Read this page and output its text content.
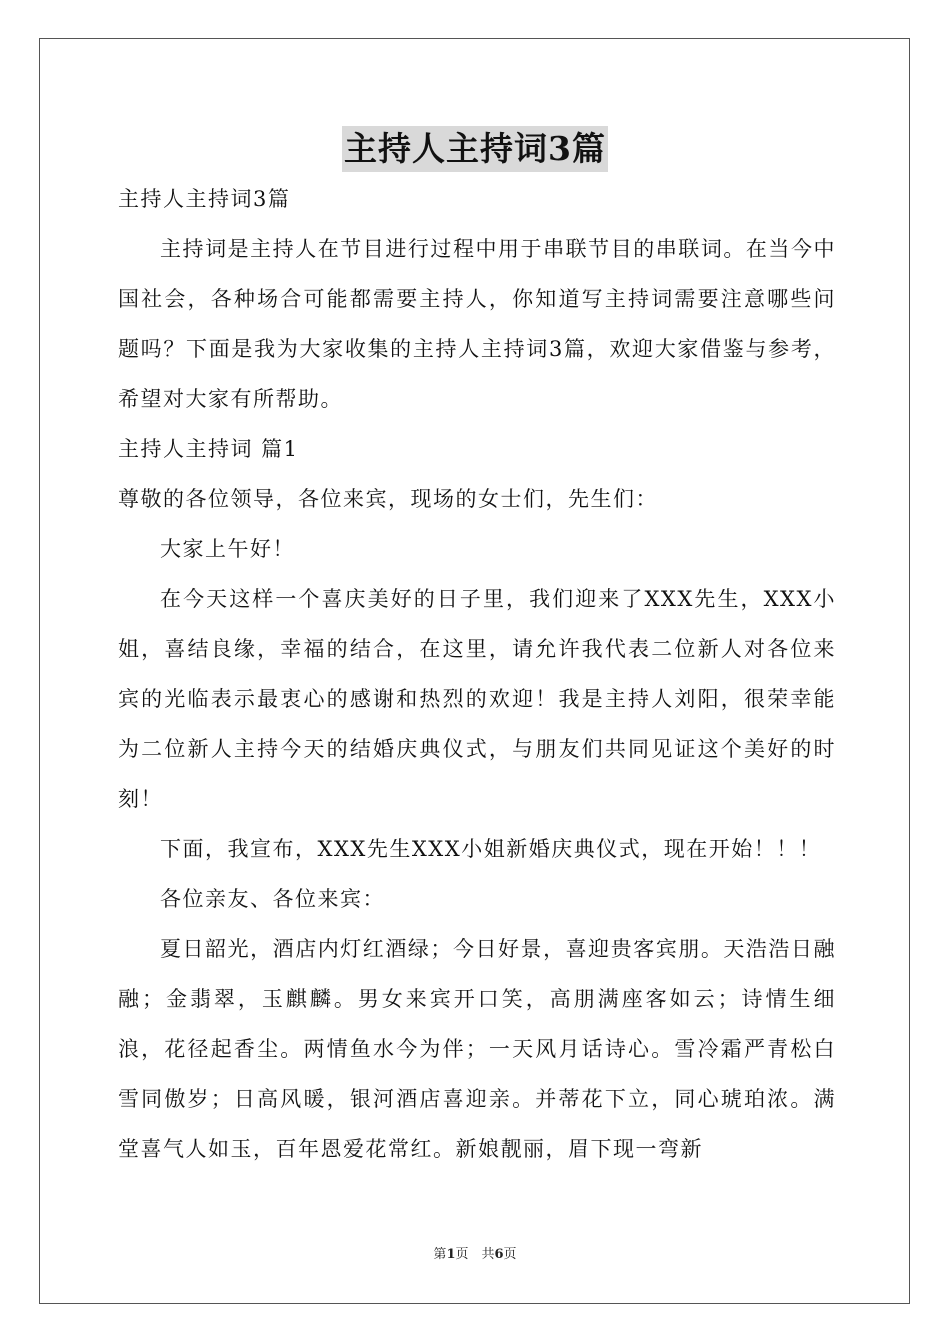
主持人主持词3篇

主持人主持词3篇

主持词是主持人在节目进行过程中用于串联节目的串联词。在当今中国社会，各种场合可能都需要主持人，你知道写主持词需要注意哪些问题吗？下面是我为大家收集的主持人主持词3篇，欢迎大家借鉴与参考，希望对大家有所帮助。

主持人主持词 篇1

尊敬的各位领导，各位来宾，现场的女士们，先生们：

大家上午好！

在今天这样一个喜庆美好的日子里，我们迎来了XXX先生，XXX小姐，喜结良缘，幸福的结合，在这里，请允许我代表二位新人对各位来宾的光临表示最衷心的感谢和热烈的欢迎！我是主持人刘阳，很荣幸能为二位新人主持今天的结婚庆典仪式，与朋友们共同见证这个美好的时刻！

下面，我宣布，XXX先生XXX小姐新婚庆典仪式，现在开始！！！

各位亲友、各位来宾：

夏日韶光，酒店内灯红酒绿；今日好景，喜迎贵客宾朋。天浩浩日融融；金翡翠，玉麒麟。男女来宾开口笑，高朋满座客如云；诗情生细浪，花径起香尘。两情鱼水今为伴；一天风月话诗心。雪冷霜严青松白雪同傲岁；日高风暖，银河酒店喜迎亲。并蒂花下立，同心琥珀浓。满堂喜气人如玉，百年恩爱花常红。新娘靓丽，眉下现一弯新

第1页　共6页
